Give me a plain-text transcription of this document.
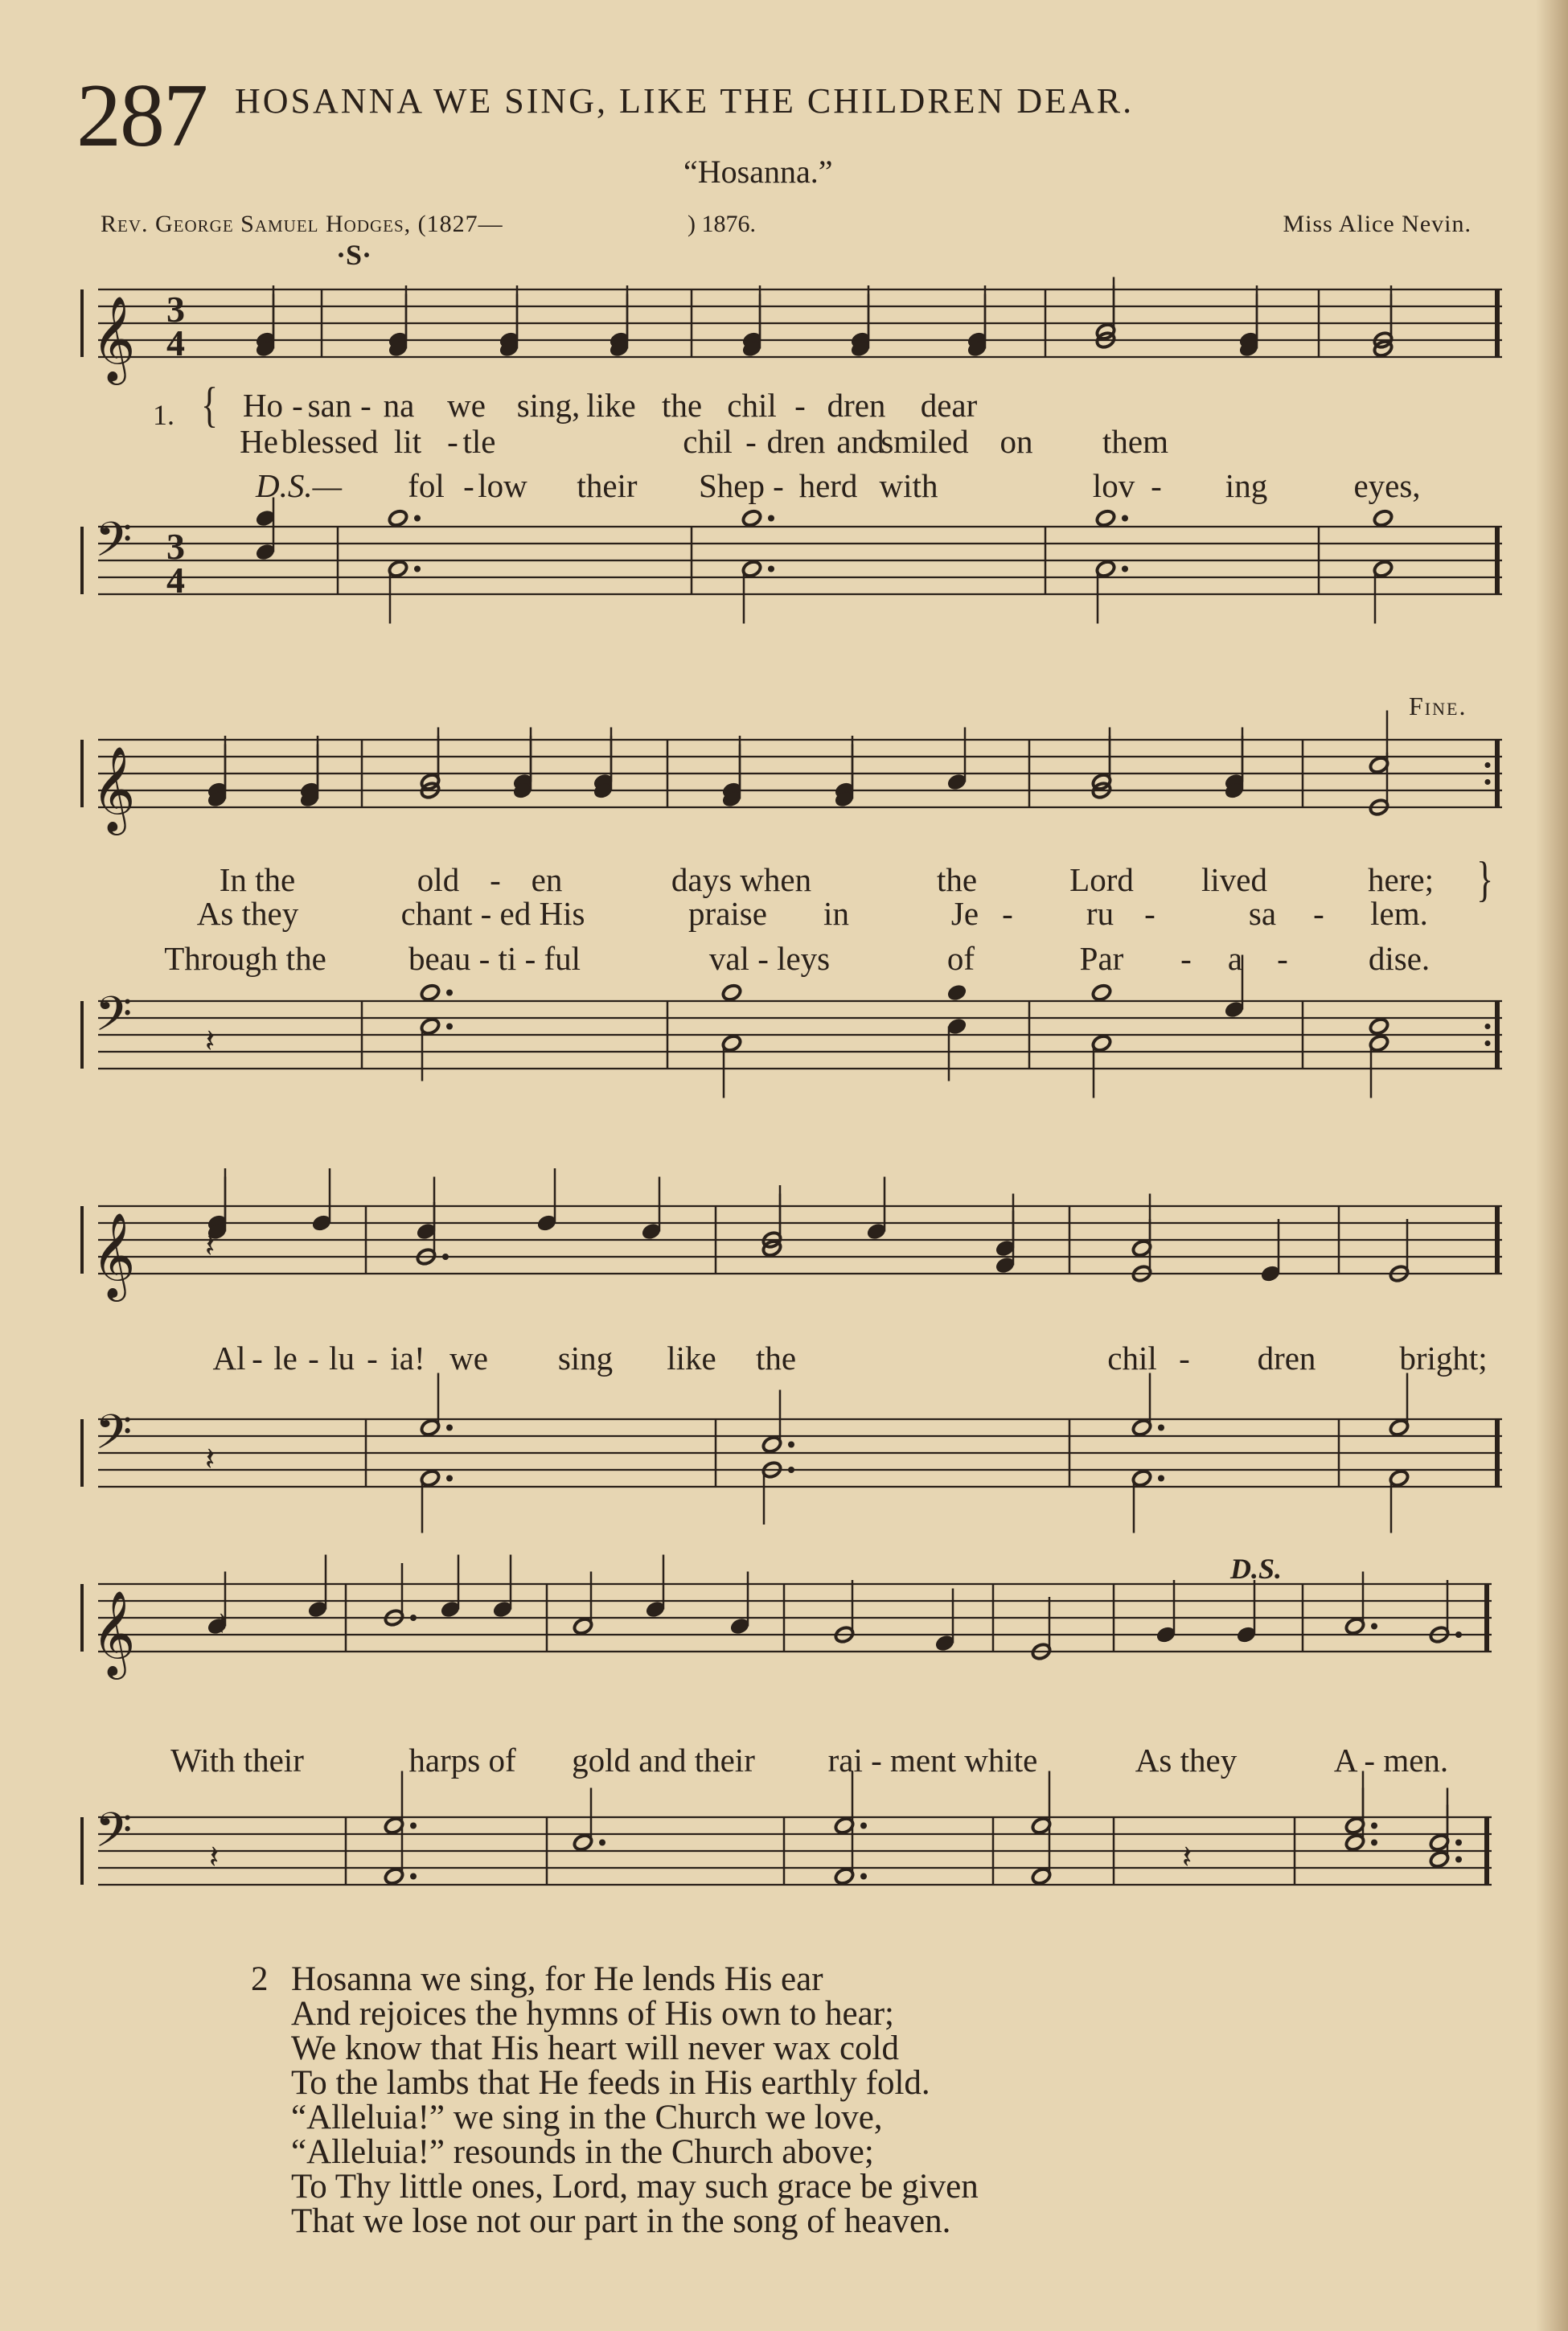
287 HOSANNA WE SING, LIKE THE CHILDREN DEAR.
“Hosanna.”
Rev. George Samuel Hodges, (1827—	) 1876.	Miss Alice Nevin.
·S·
Fine.
D.S.
𝄞 3
4
𝄢 3
4
𝄞
𝄢 𝄽
𝄞 𝄽
𝄢 𝄽
𝄞	𝄽
𝄢 𝄽	𝄽
1. { Ho - san - na we sing, like the chil - dren dear
He blessed lit - tle	chil - dren and
smiled on them
D.S.— fol - low their Shep - herd with	lov - ing	eyes,
In the	old - en	days when	the	Lord lived	here;
As they	chant - ed His	praise in	Je - ru -	sa - lem.
Through the beau - ti - ful	val - leys	of	Par - a - dise.
}
Al - le - lu - ia! we sing like the	chil - dren	bright;
With their	harps of gold and their rai - ment white	As they	A - men.
2 Hosanna we sing, for He lends His ear
And rejoices the hymns of His own to hear;
We know that His heart will never wax cold
To the lambs that He feeds in His earthly fold.
“Alleluia!” we sing in the Church we love,
“Alleluia!” resounds in the Church above;
To Thy little ones, Lord, may such grace be given
That we lose not our part in the song of heaven.
